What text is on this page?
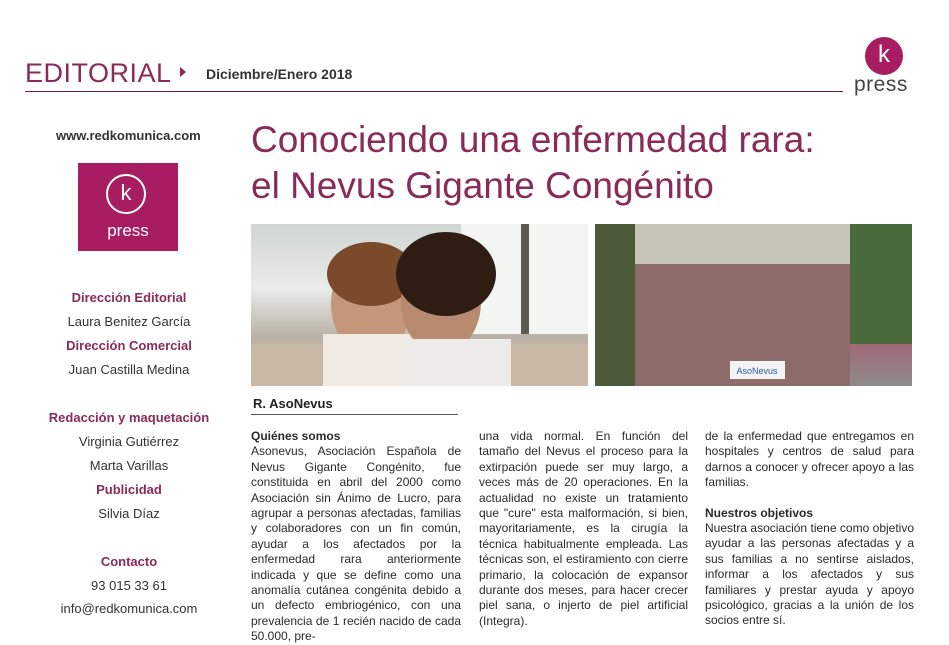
EDITORIAL Diciembre/Enero 2018
k
press
www.redkomunica.com
k
press
Dirección Editorial
Laura Benitez García
Dirección Comercial
Juan Castilla Medina
Redacción y maquetación
Virginia Gutiérrez
Marta Varillas
Publicidad
Silvia Díaz
Contacto
93 015 33 61
info@redkomunica.com
Conociendo una enfermedad rara:
el Nevus Gigante Congénito
AsoNevus
R. AsoNevus

Quiénes somos

Asonevus, Asociación Española de Nevus Gigante Congénito, fue constituida en abril del 2000 como Asociación sin Ánimo de Lucro, para agrupar a personas afectadas, familias y colaboradores con un fin común, ayudar a los afectados por la enfermedad rara anteriormente indicada y que se define como una anomalía cutánea congénita debido a un defecto embriogénico, con una prevalencia de 1 recién nacido de cada 50.000, pre-

una vida normal. En función del tamaño del Nevus el proceso para la extirpación puede ser muy largo, a veces más de 20 operaciones. En la actualidad no existe un tratamiento que "cure" esta malformación, si bien, mayoritariamente, es la cirugía la técnica habitualmente empleada. Las técnicas son, el estiramiento con cierre primario, la colocación de expansor durante dos meses, para hacer crecer piel sana, o injerto de piel artificial (Integra).

de la enfermedad que entregamos en hospitales y centros de salud para darnos a conocer y ofrecer apoyo a las familias.

Nuestros objetivos

Nuestra asociación tiene como objetivo ayudar a las personas afectadas y a sus familias a no sentirse aislados, informar a los afectados y sus familiares y prestar ayuda y apoyo psicológico, gracias a la unión de los socios entre sí.
